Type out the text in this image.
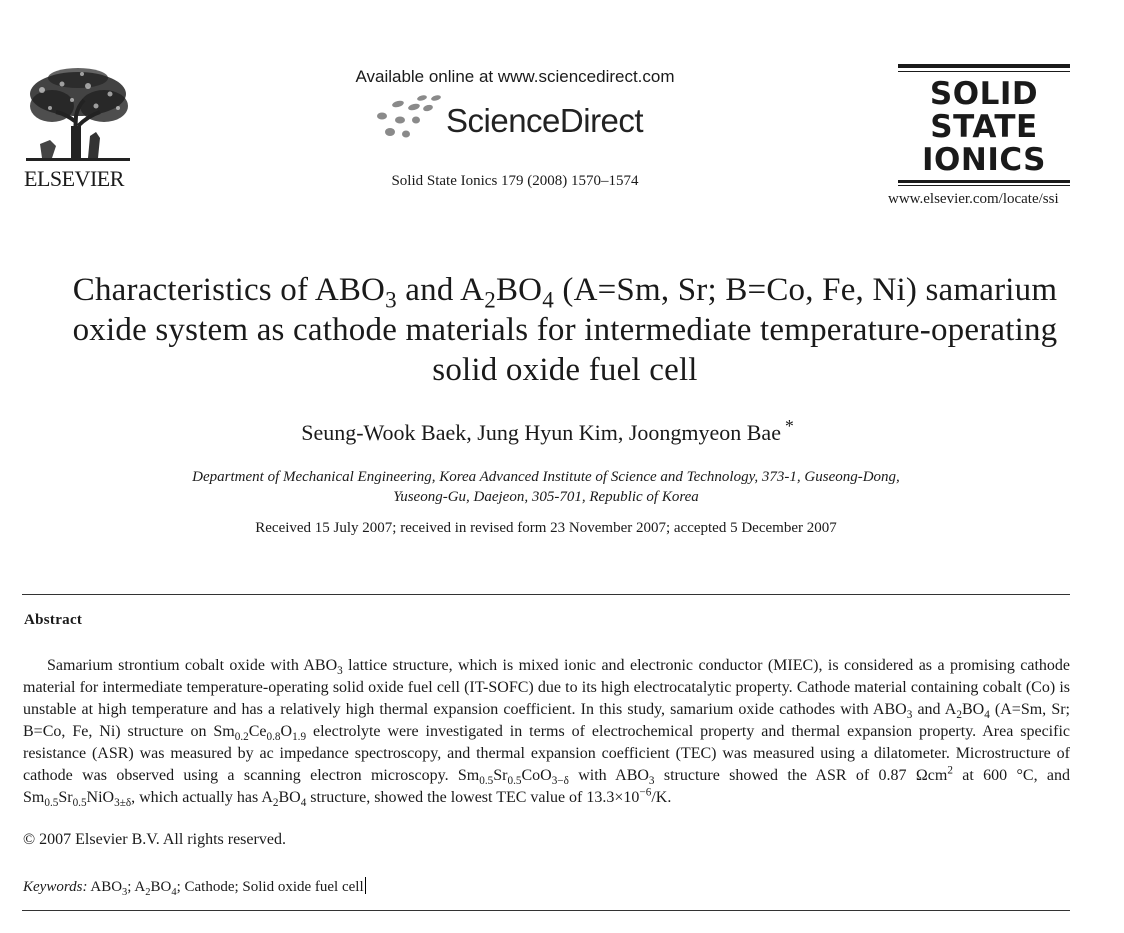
ELSEVIER
Available online at www.sciencedirect.com
ScienceDirect
Solid State Ionics 179 (2008) 1570–1574
SOLID
STATE
IONICS
www.elsevier.com/locate/ssi
Characteristics of $ABO_3$ and $A_2BO_4$ (A=Sm, Sr; B=Co, Fe, Ni) samarium
oxide system as cathode materials for intermediate temperature-operating
solid oxide fuel cell
Seung-Wook Baek, Jung Hyun Kim, Joongmyeon Bae *
Department of Mechanical Engineering, Korea Advanced Institute of Science and Technology, 373-1, Guseong-Dong,
Yuseong-Gu, Daejeon, 305-701, Republic of Korea
Received 15 July 2007; received in revised form 23 November 2007; accepted 5 December 2007
Abstract

Samarium strontium cobalt oxide with $ABO_3$ lattice structure, which is mixed ionic and electronic conductor (MIEC), is considered as a promising cathode material for intermediate temperature-operating solid oxide fuel cell (IT-SOFC) due to its high electrocatalytic property. Cathode material containing cobalt (Co) is unstable at high temperature and has a relatively high thermal expansion coefficient. In this study, samarium oxide cathodes with $ABO_3$ and $A_2BO_4$ (A=Sm, Sr; B=Co, Fe, Ni) structure on $Sm_{0.2}Ce_{0.8}O_{1.9}$ electrolyte were investigated in terms of electrochemical property and thermal expansion property. Area specific resistance (ASR) was measured by ac impedance spectroscopy, and thermal expansion coefficient (TEC) was measured using a dilatometer. Microstructure of cathode was observed using a scanning electron microscopy. $Sm_{0.5}Sr_{0.5}CoO_{3-\delta}$ with $ABO_3$ structure showed the ASR of 0.87 Ωcm$^2$ at 600 °C, and $Sm_{0.5}Sr_{0.5}NiO_{3\pm\delta}$, which actually has $A_2BO_4$ structure, showed the lowest TEC value of $13.3\times 10^{-6}/K$.

© 2007 Elsevier B.V. All rights reserved.
Keywords: $ABO_3$; $A_2BO_4$; Cathode; Solid oxide fuel cell
